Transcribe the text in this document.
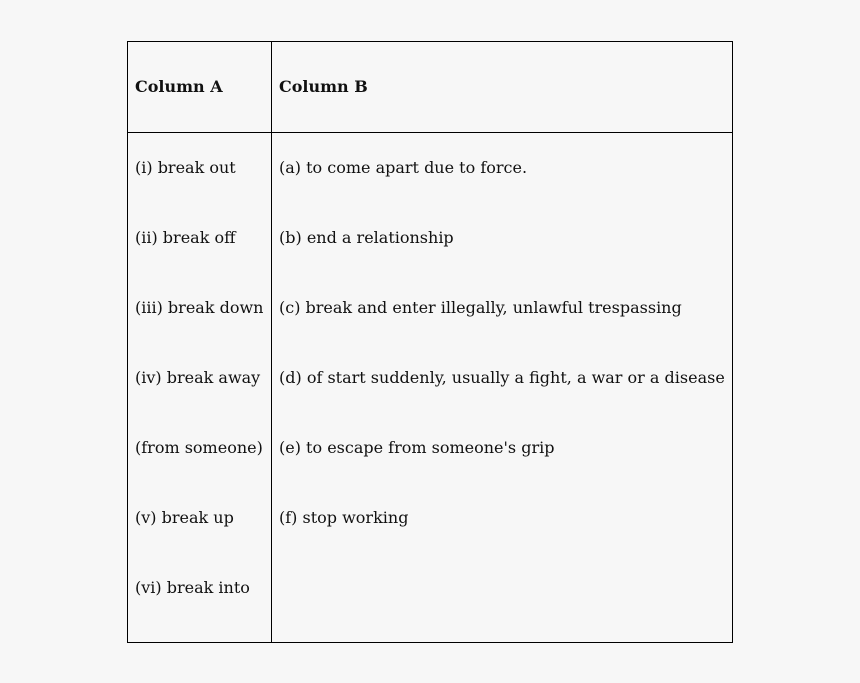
Column A	Column B
(i) break out	(a) to come apart due to force.
(ii) break off	(b) end a relationship
(iii) break down (c) break and enter illegally, unlawful trespassing
(iv) break away (d) of start suddenly, usually a fight, a war or a disease
(from someone) (e) to escape from someone's grip
(v) break up	(f) stop working
(vi) break into
